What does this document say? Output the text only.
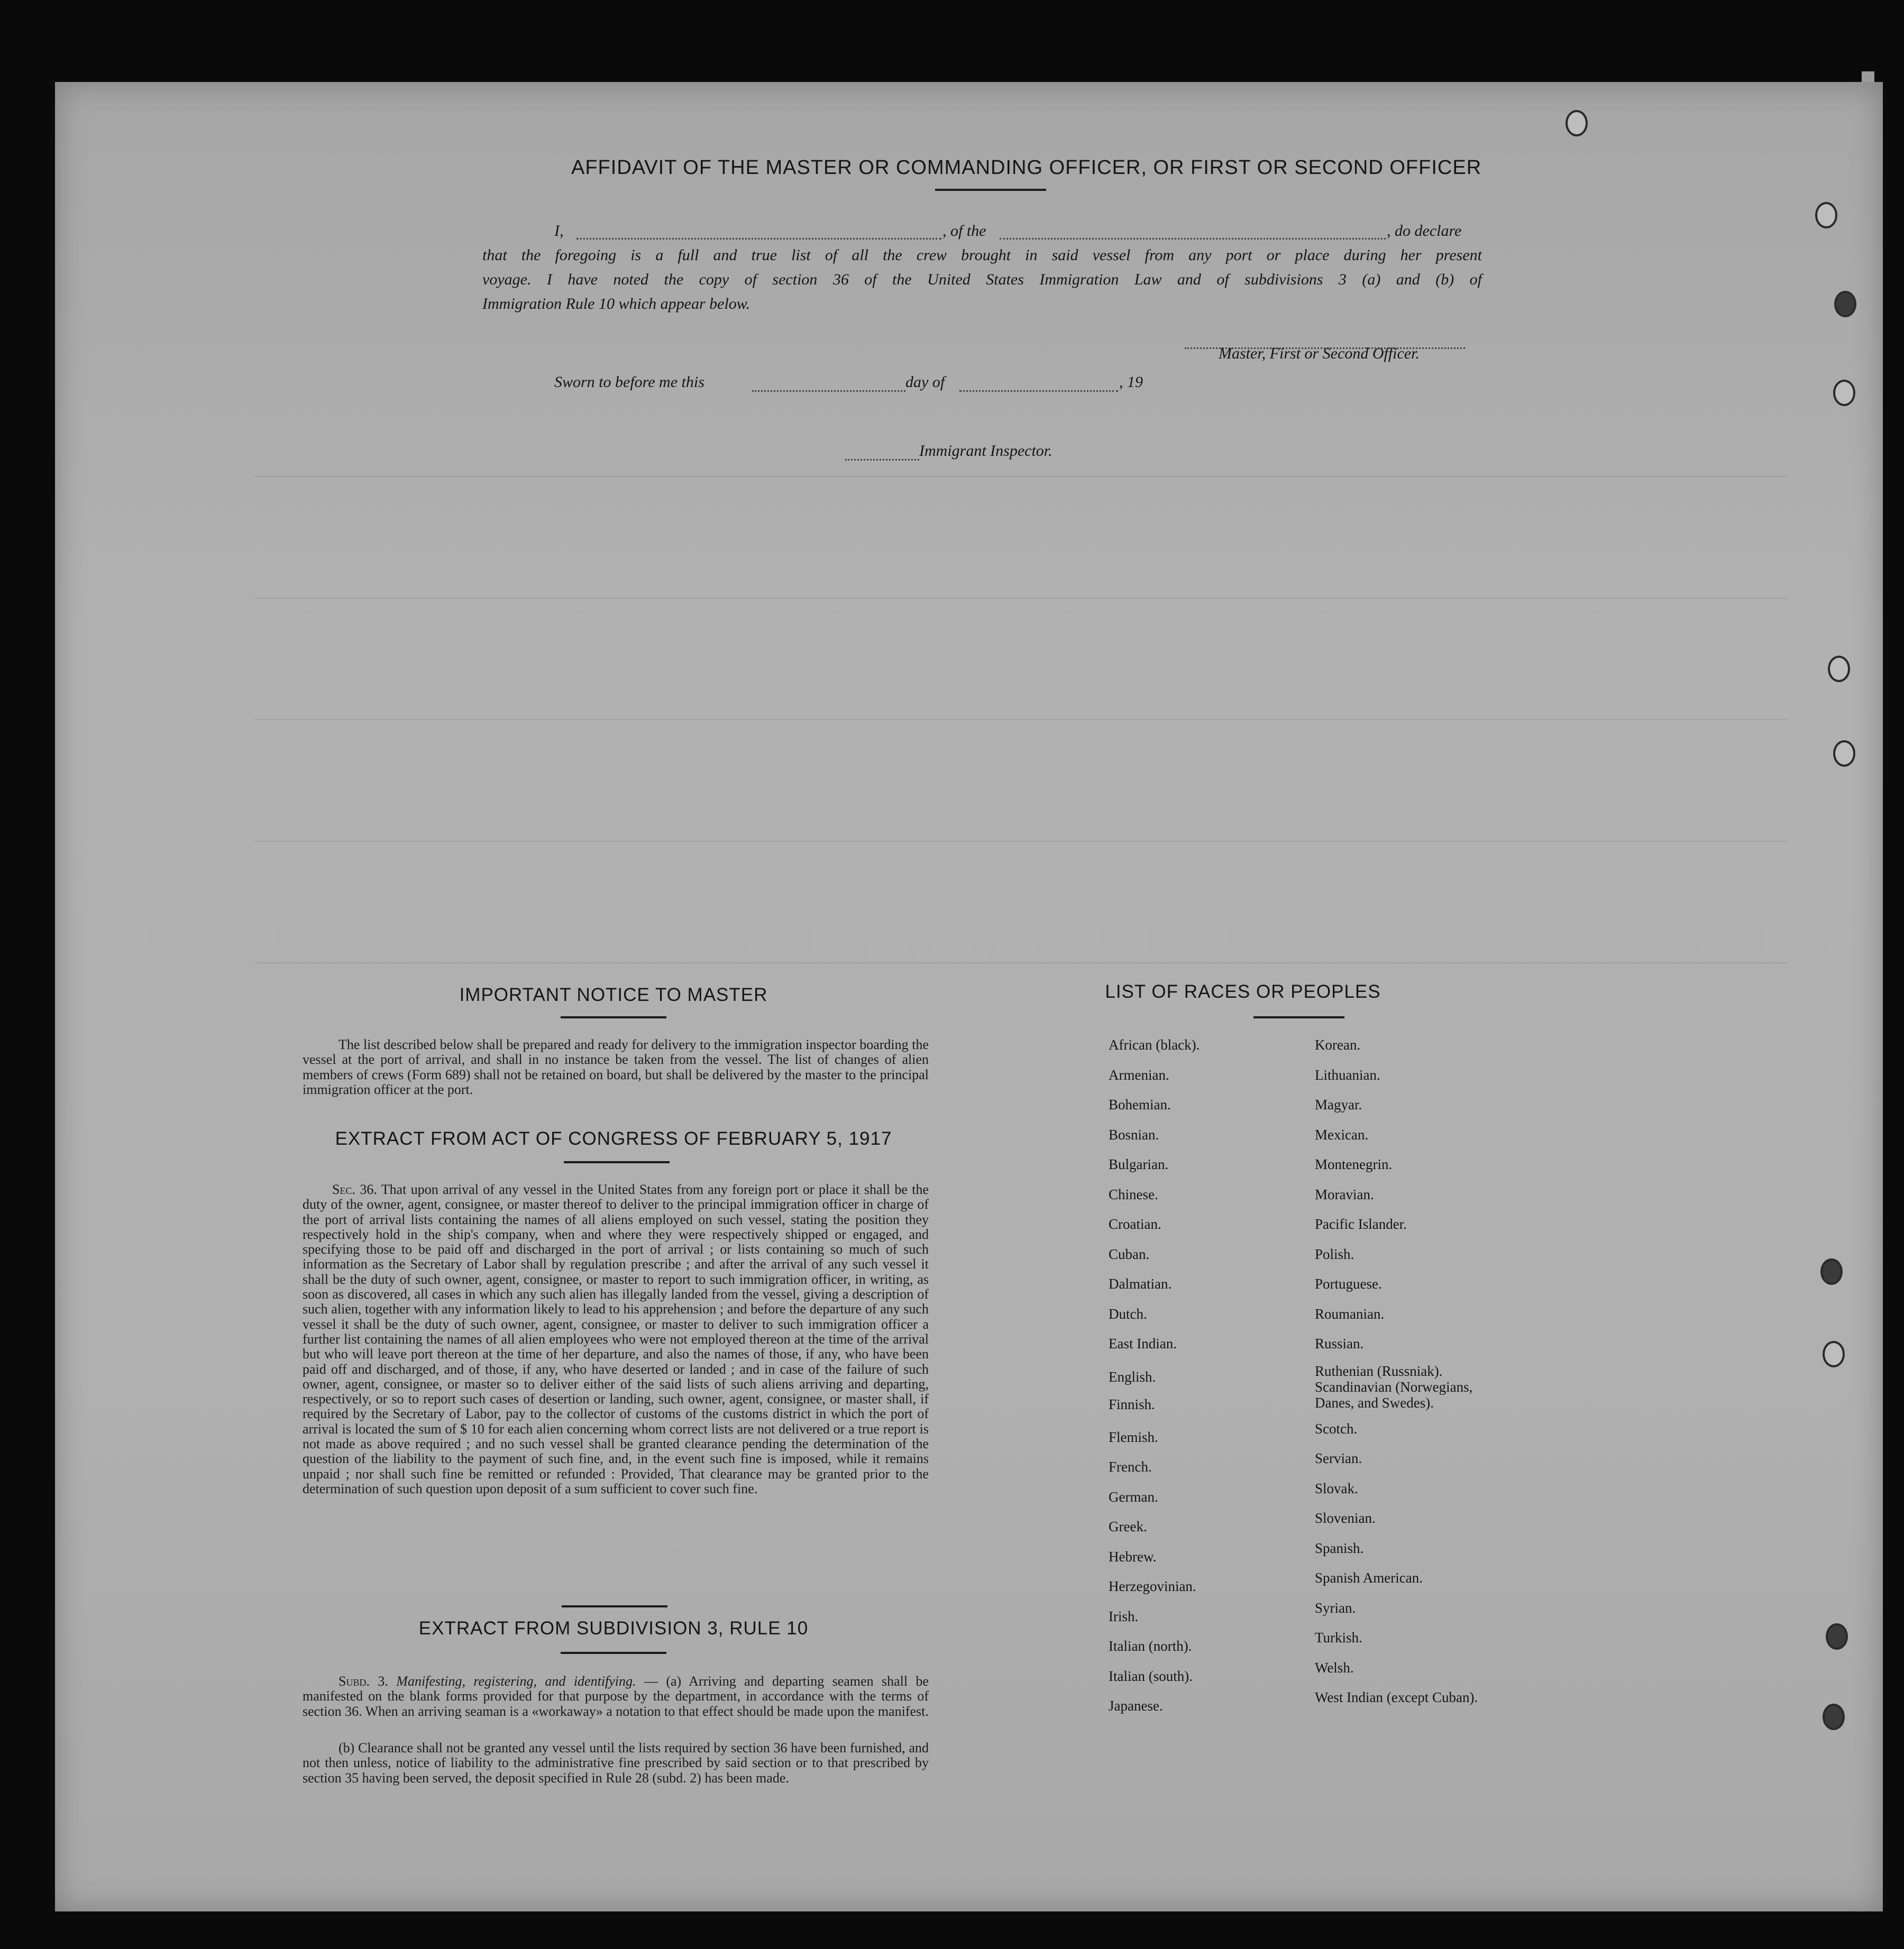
AFFIDAVIT OF THE MASTER OR COMMANDING OFFICER, OR FIRST OR SECOND OFFICER
I,	, of the	, do declare
that the foregoing is a full and true list of all the crew brought in said vessel from any port or place during her present
voyage. I have noted the copy of section 36 of the United States Immigration Law and of subdivisions 3 (a) and (b) of
Immigration Rule 10 which appear below.
Master, First or Second Officer.
Sworn to before me this	day of	, 19
Immigrant Inspector.
IMPORTANT NOTICE TO MASTER
The list described below shall be prepared and ready for delivery to the immigration inspector boarding the vessel at the port of arrival, and shall in no instance be taken from the vessel. The list of changes of alien members of crews (Form 689) shall not be retained on board, but shall be delivered by the master to the principal immigration officer at the port.
EXTRACT FROM ACT OF CONGRESS OF FEBRUARY 5, 1917
Sec. 36. That upon arrival of any vessel in the United States from any foreign port or place it shall be the duty of the owner, agent, consignee, or master thereof to deliver to the principal immigration officer in charge of the port of arrival lists containing the names of all aliens employed on such vessel, stating the position they respectively hold in the ship's company, when and where they were respectively shipped or engaged, and specifying those to be paid off and discharged in the port of arrival ; or lists containing so much of such information as the Secretary of Labor shall by regulation prescribe ; and after the arrival of any such vessel it shall be the duty of such owner, agent, consignee, or master to report to such immigration officer, in writing, as soon as discovered, all cases in which any such alien has illegally landed from the vessel, giving a description of such alien, together with any information likely to lead to his apprehension ; and before the departure of any such vessel it shall be the duty of such owner, agent, consignee, or master to deliver to such immigration officer a further list containing the names of all alien employees who were not employed thereon at the time of the arrival but who will leave port thereon at the time of her departure, and also the names of those, if any, who have been paid off and discharged, and of those, if any, who have deserted or landed ; and in case of the failure of such owner, agent, consignee, or master so to deliver either of the said lists of such aliens arriving and departing, respectively, or so to report such cases of desertion or landing, such owner, agent, consignee, or master shall, if required by the Secretary of Labor, pay to the collector of customs of the customs district in which the port of arrival is located the sum of $ 10 for each alien concerning whom correct lists are not delivered or a true report is not made as above required ; and no such vessel shall be granted clearance pending the determination of the question of the liability to the payment of such fine, and, in the event such fine is imposed, while it remains unpaid ; nor shall such fine be remitted or refunded : Provided, That clearance may be granted prior to the determination of such question upon deposit of a sum sufficient to cover such fine.
EXTRACT FROM SUBDIVISION 3, RULE 10
Subd. 3. Manifesting, registering, and identifying. — (a) Arriving and departing seamen shall be manifested on the blank forms provided for that purpose by the department, in accordance with the terms of section 36. When an arriving seaman is a «workaway» a notation to that effect should be made upon the manifest.
(b) Clearance shall not be granted any vessel until the lists required by section 36 have been furnished, and not then unless, notice of liability to the administrative fine prescribed by said section or to that prescribed by section 35 having been served, the deposit specified in Rule 28 (subd. 2) has been made.
LIST OF RACES OR PEOPLES
African (black).
Armenian.
Bohemian.
Bosnian.
Bulgarian.
Chinese.
Croatian.
Cuban.
Dalmatian.
Dutch.
East Indian.
English.
Finnish.
Flemish.
French.
German.
Greek.
Hebrew.
Herzegovinian.
Irish.
Italian (north).
Italian (south).
Japanese.
Korean.
Lithuanian.
Magyar.
Mexican.
Montenegrin.
Moravian.
Pacific Islander.
Polish.
Portuguese.
Roumanian.
Russian.
Ruthenian (Russniak).
Scandinavian (Norwegians,
Danes, and Swedes).
Scotch.
Servian.
Slovak.
Slovenian.
Spanish.
Spanish American.
Syrian.
Turkish.
Welsh.
West Indian (except Cuban).
